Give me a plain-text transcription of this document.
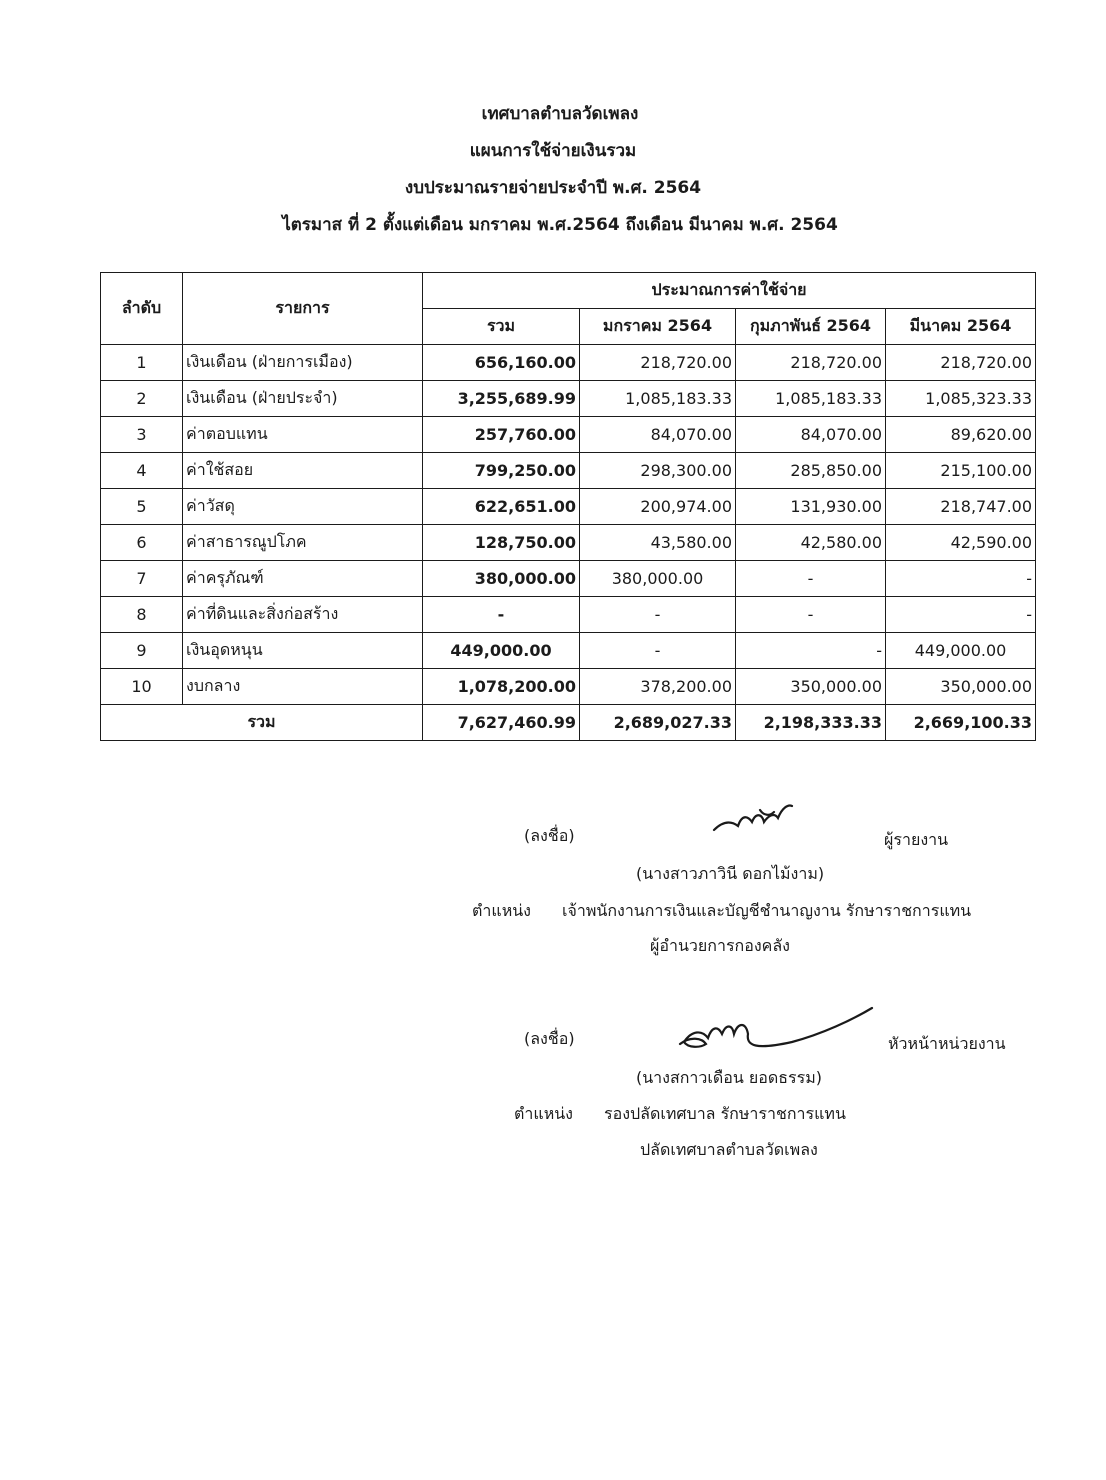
เทศบาลตำบลวัดเพลง
แผนการใช้จ่ายเงินรวม
งบประมาณรายจ่ายประจำปี พ.ศ. 2564
ไตรมาส ที่ 2 ตั้งแต่เดือน มกราคม พ.ศ.2564 ถึงเดือน มีนาคม พ.ศ. 2564
ลำดับ	รายการ	ประมาณการค่าใช้จ่าย			
		รวม	มกราคม 2564	กุมภาพันธ์ 2564	มีนาคม 2564
1	เงินเดือน (ฝ่ายการเมือง)	656,160.00	218,720.00	218,720.00	218,720.00
2	เงินเดือน (ฝ่ายประจำ)	3,255,689.99	1,085,183.33	1,085,183.33	1,085,323.33
3	ค่าตอบแทน	257,760.00	84,070.00	84,070.00	89,620.00
4	ค่าใช้สอย	799,250.00	298,300.00	285,850.00	215,100.00
5	ค่าวัสดุ	622,651.00	200,974.00	131,930.00	218,747.00
6	ค่าสาธารณูปโภค	128,750.00	43,580.00	42,580.00	42,590.00
7	ค่าครุภัณฑ์	380,000.00	380,000.00	-	-
8	ค่าที่ดินและสิ่งก่อสร้าง	-	-	-	-
9	เงินอุดหนุน	449,000.00	-	-	449,000.00
10	งบกลาง	1,078,200.00	378,200.00	350,000.00	350,000.00
รวม		7,627,460.99	2,689,027.33	2,198,333.33	2,669,100.33
(ลงชื่อ)	ผู้รายงาน
(นางสาวภาวินี ดอกไม้งาม)
ตำแหน่ง เจ้าพนักงานการเงินและบัญชีชำนาญงาน รักษาราชการแทน
ผู้อำนวยการกองคลัง
(ลงชื่อ)	หัวหน้าหน่วยงาน
(นางสกาวเดือน ยอดธรรม)
ตำแหน่ง รองปลัดเทศบาล รักษาราชการแทน
ปลัดเทศบาลตำบลวัดเพลง
